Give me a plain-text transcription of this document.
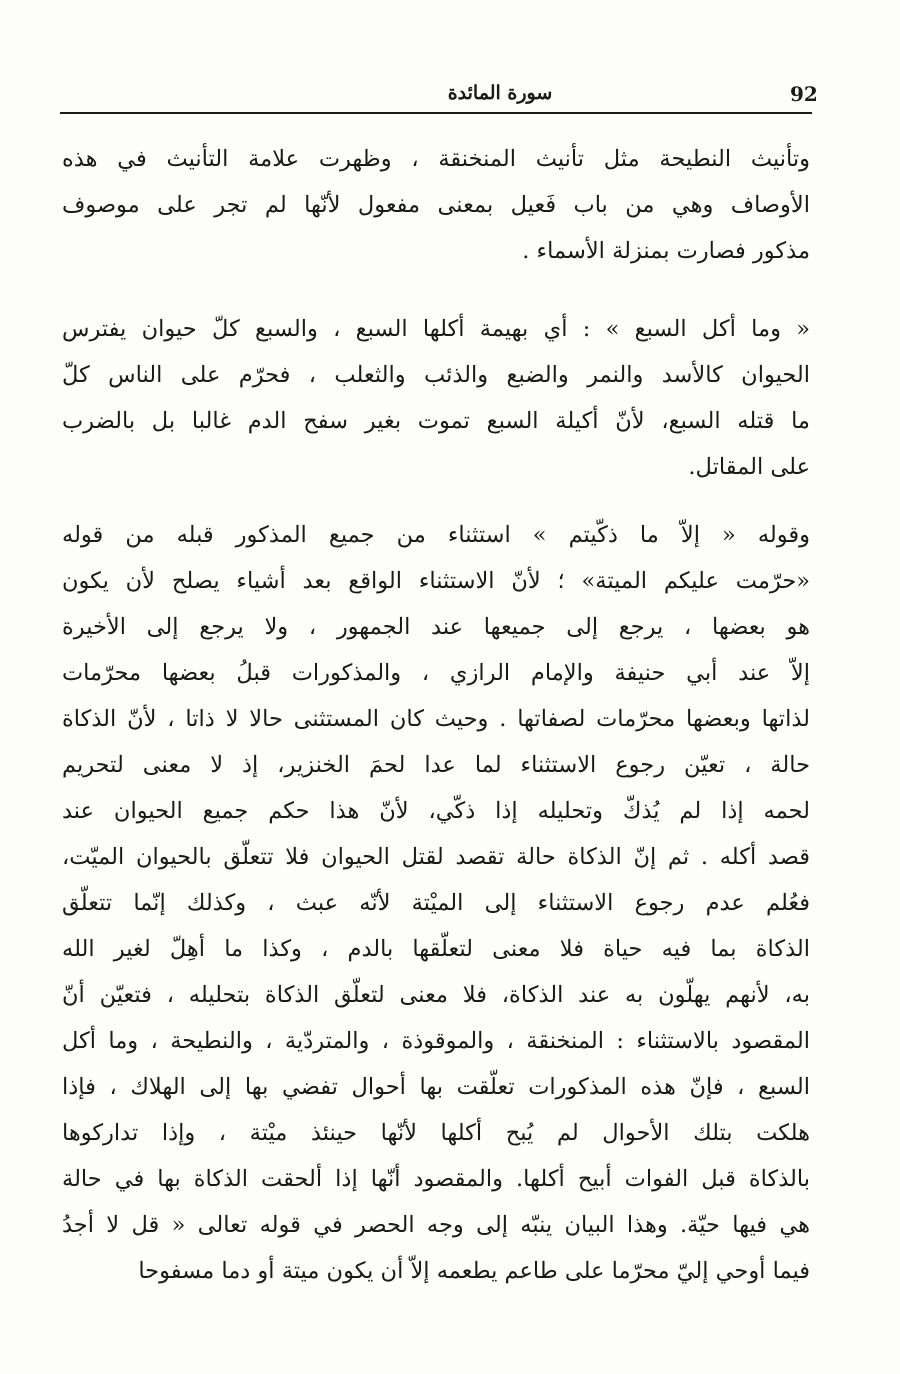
92
سورة المائدة

وتأنيث النطيحة مثل تأنيث المنخنقة ، وظهرت علامة التأنيث في هذه
الأوصاف وهي من باب فَعيل بمعنى مفعول لأنّها لم تجر على موصوف
مذكور فصارت بمنزلة الأسماء .

« وما أكل السبع » : أي بهيمة أكلها السبع ، والسبع كلّ حيوان يفترس
الحيوان كالأسد والنمر والضبع والذئب والثعلب ، فحرّم على الناس كلّ
ما قتله السبع، لأنّ أكيلة السبع تموت بغير سفح الدم غالبا بل بالضرب
على المقاتل.

وقوله « إلاّ ما ذكّيتم » استثناء من جميع المذكور قبله من قوله
«حرّمت عليكم الميتة» ؛ لأنّ الاستثناء الواقع بعد أشياء يصلح لأن يكون
هو بعضها ، يرجع إلى جميعها عند الجمهور ، ولا يرجع إلى الأخيرة
إلاّ عند أبي حنيفة والإمام الرازي ، والمذكورات قبلُ بعضها محرّمات
لذاتها وبعضها محرّمات لصفاتها . وحيث كان المستثنى حالا لا ذاتا ، لأنّ الذكاة
حالة ، تعيّن رجوع الاستثناء لما عدا لحمَ الخنزير، إذ لا معنى لتحريم
لحمه إذا لم يُذكّ وتحليله إذا ذكّي، لأنّ هذا حكم جميع الحيوان عند
قصد أكله . ثم إنّ الذكاة حالة تقصد لقتل الحيوان فلا تتعلّق بالحيوان الميّت،
فعُلم عدم رجوع الاستثناء إلى الميْتة لأنّه عبث ، وكذلك إنّما تتعلّق
الذكاة بما فيه حياة فلا معنى لتعلّقها بالدم ، وكذا ما أهِلّ لغير الله
به، لأنهم يهلّون به عند الذكاة، فلا معنى لتعلّق الذكاة بتحليله ، فتعيّن أنّ
المقصود بالاستثناء : المنخنقة ، والموقوذة ، والمتردّية ، والنطيحة ، وما أكل
السبع ، فإنّ هذه المذكورات تعلّقت بها أحوال تفضي بها إلى الهلاك ، فإذا
هلكت بتلك الأحوال لم يُبح أكلها لأنّها حينئذ ميْتة ، وإذا تداركوها
بالذكاة قبل الفوات أبيح أكلها. والمقصود أنّها إذا ألحقت الذكاة بها في حالة
هي فيها حيّة. وهذا البيان ينبّه إلى وجه الحصر في قوله تعالى « قل لا أجدُ
فيما أوحي إليّ محرّما على طاعم يطعمه إلاّ أن يكون ميتة أو دما مسفوحا
